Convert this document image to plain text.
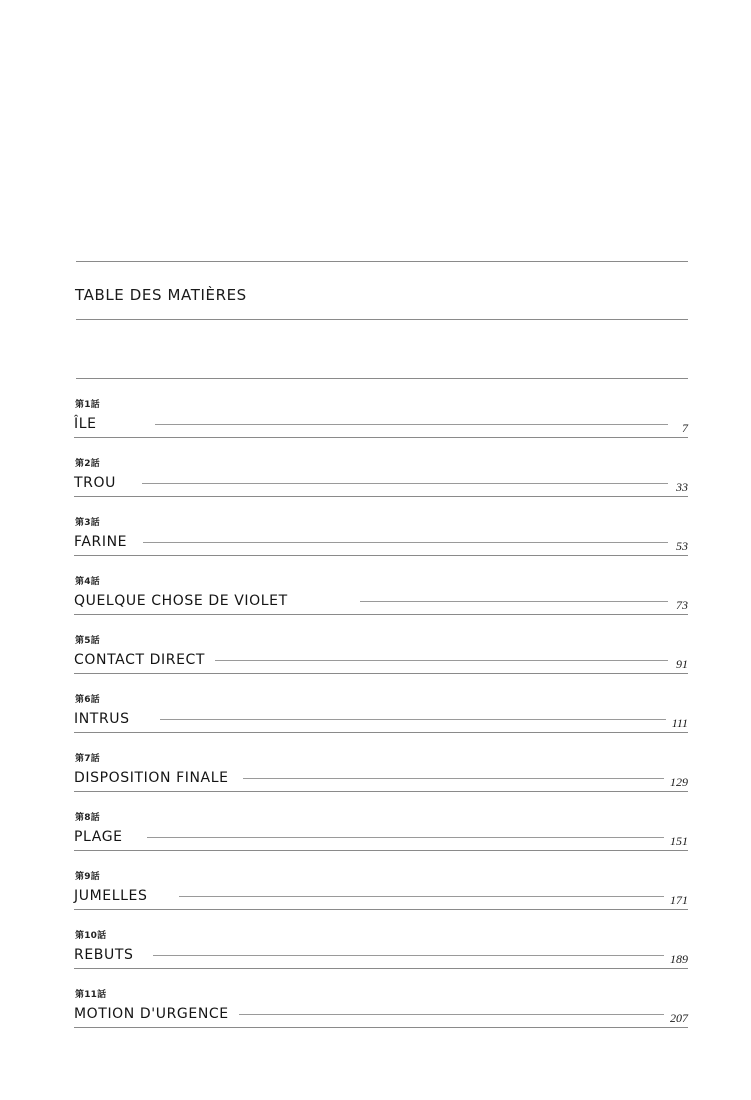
TABLE DES MATIÈRES
第1話
ÎLE	7
第2話
TROU	33
第3話
FARINE	53
第4話
QUELQUE CHOSE DE VIOLET	73
第5話
CONTACT DIRECT	91
第6話
INTRUS	111
第7話
DISPOSITION FINALE	129
第8話
PLAGE	151
第9話
JUMELLES	171
第10話
REBUTS	189
第11話
MOTION D'URGENCE	207
